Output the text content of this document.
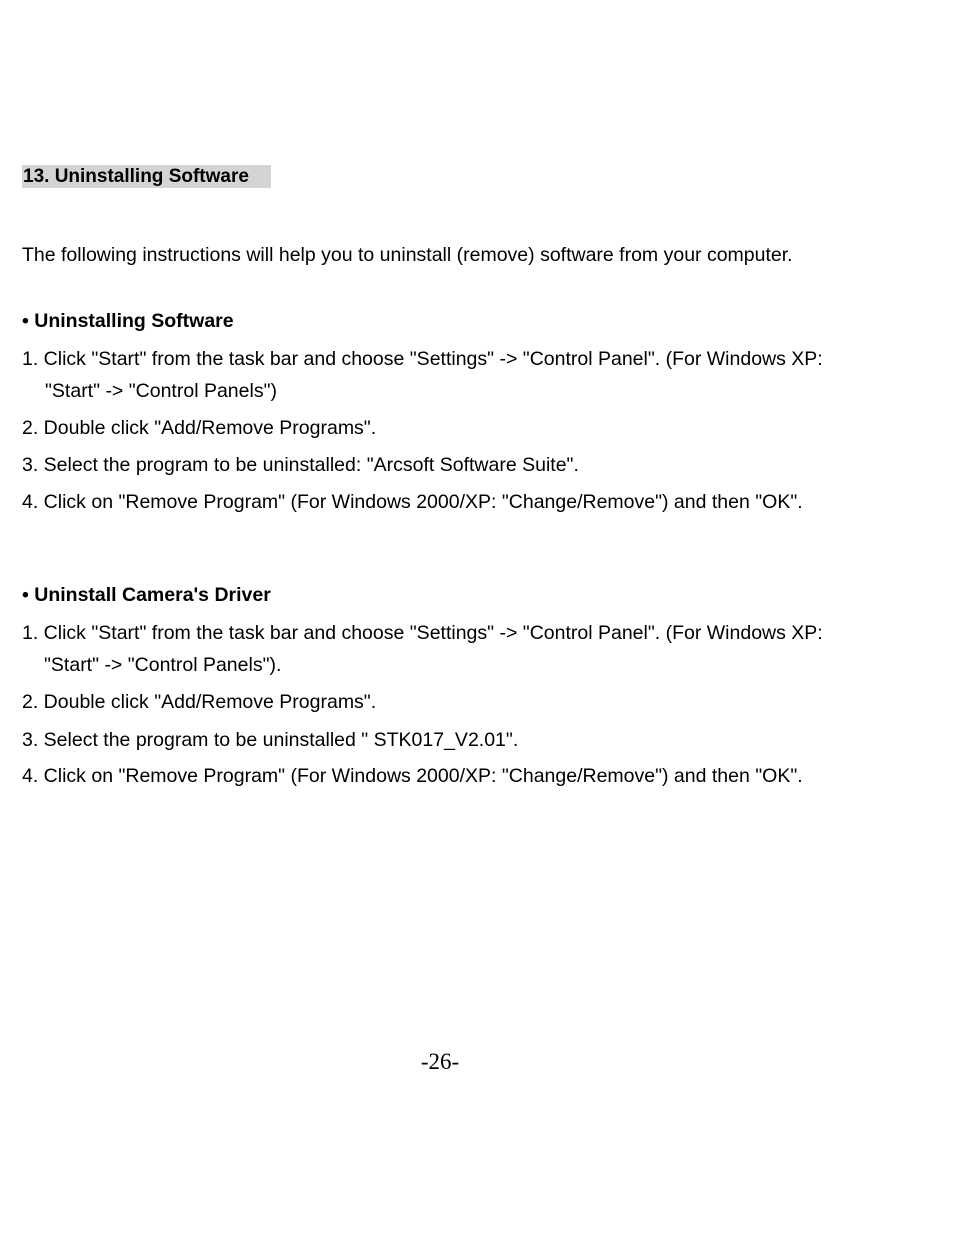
13. Uninstalling Software
The following instructions will help you to uninstall (remove) software from your computer.
• Uninstalling Software
1. Click "Start" from the task bar and choose "Settings" -> "Control Panel". (For Windows XP:
"Start" -> "Control Panels")
2. Double click "Add/Remove Programs".
3. Select the program to be uninstalled: "Arcsoft Software Suite".
4. Click on "Remove Program" (For Windows 2000/XP: "Change/Remove") and then "OK".
• Uninstall Camera's Driver
1. Click "Start" from the task bar and choose "Settings" -> "Control Panel". (For Windows XP:
"Start" -> "Control Panels").
2. Double click "Add/Remove Programs".
3. Select the program to be uninstalled " STK017_V2.01".
4. Click on "Remove Program" (For Windows 2000/XP: "Change/Remove") and then "OK".
-26-
